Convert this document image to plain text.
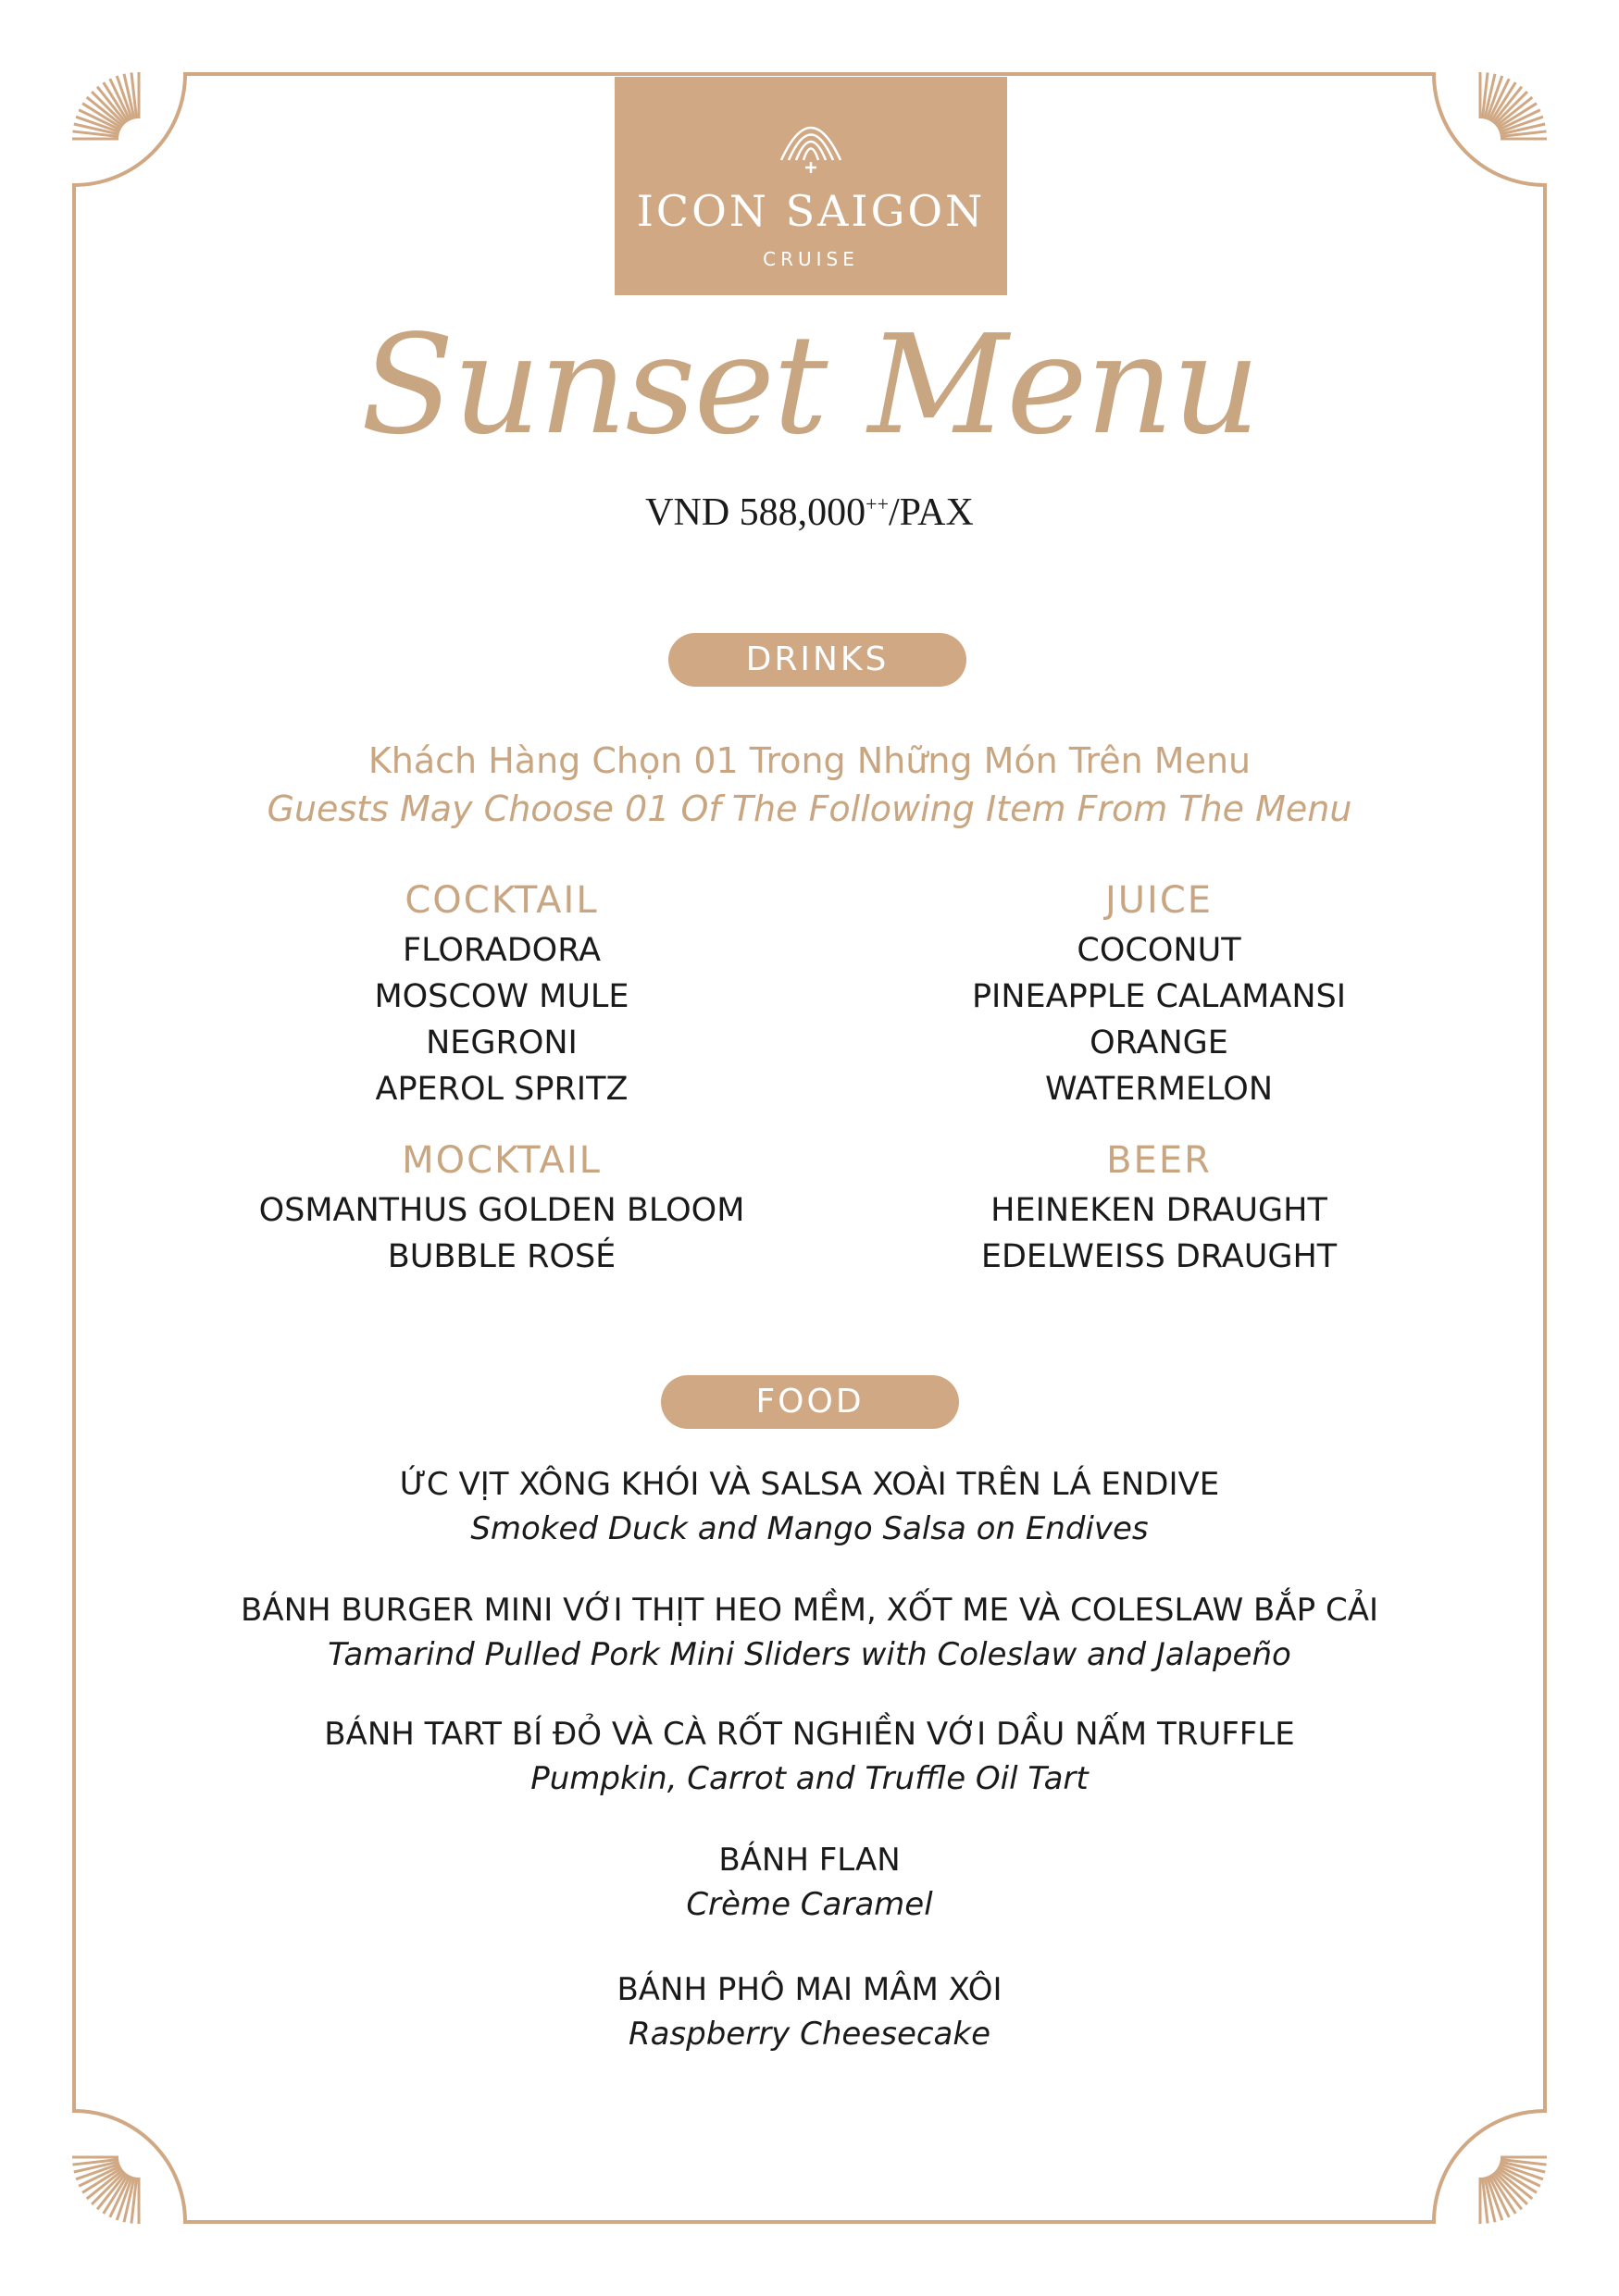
ICON SAIGON
CRUISE
Sunset Menu
VND 588,000++/PAX
DRINKS
Khách Hàng Chọn 01 Trong Những Món Trên Menu
Guests May Choose 01 Of The Following Item From The Menu
COCKTAIL
FLORADORA
MOSCOW MULE
NEGRONI
APEROL SPRITZ
JUICE
COCONUT
PINEAPPLE CALAMANSI
ORANGE
WATERMELON
MOCKTAIL
OSMANTHUS GOLDEN BLOOM
BUBBLE ROSÉ
BEER
HEINEKEN DRAUGHT
EDELWEISS DRAUGHT
FOOD
ỨC VỊT XÔNG KHÓI VÀ SALSA XOÀI TRÊN LÁ ENDIVE
Smoked Duck and Mango Salsa on Endives
BÁNH BURGER MINI VỚI THỊT HEO MỀM, XỐT ME VÀ COLESLAW BẮP CẢI
Tamarind Pulled Pork Mini Sliders with Coleslaw and Jalapeño
BÁNH TART BÍ ĐỎ VÀ CÀ RỐT NGHIỀN VỚI DẦU NẤM TRUFFLE
Pumpkin, Carrot and Truffle Oil Tart
BÁNH FLAN
Crème Caramel
BÁNH PHÔ MAI MÂM XÔI
Raspberry Cheesecake
